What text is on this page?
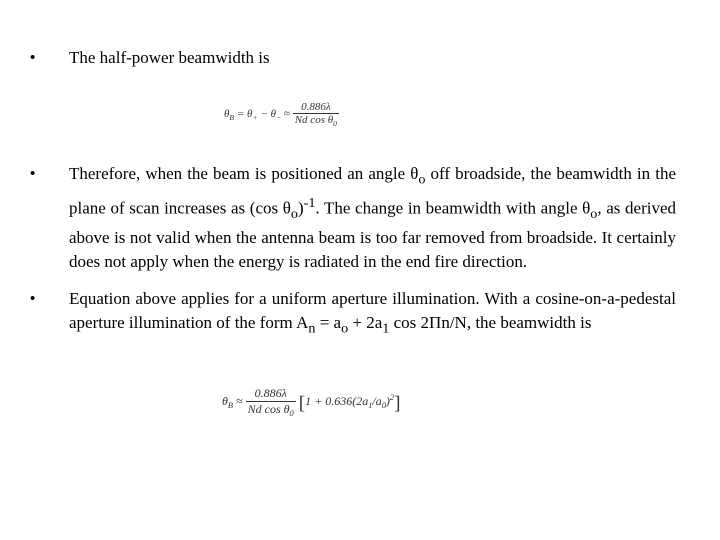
• The half-power beamwidth is
$\theta_B = \theta_+ - \theta_- \approx \frac{0.886\lambda}{Nd \cos \theta_0}$
• Therefore, when the beam is positioned an angle $\theta_o$ off broadside, the beamwidth in the plane of scan increases as (cos $\theta_o)^{-1}$. The change in beamwidth with angle $\theta_o$, as derived above is not valid when the antenna beam is too far removed from broadside. It certainly does not apply when the energy is radiated in the end fire direction.
• Equation above applies for a uniform aperture illumination. With a cosine-on-a-pedestal aperture illumination of the form $A_n = a_o + 2a_1$ cos 2Πn/N, the beamwidth is
$\theta_B \approx \frac{0.886\lambda}{Nd \cos \theta_0} [1 + 0.636(2a_1/a_0)^2]$
